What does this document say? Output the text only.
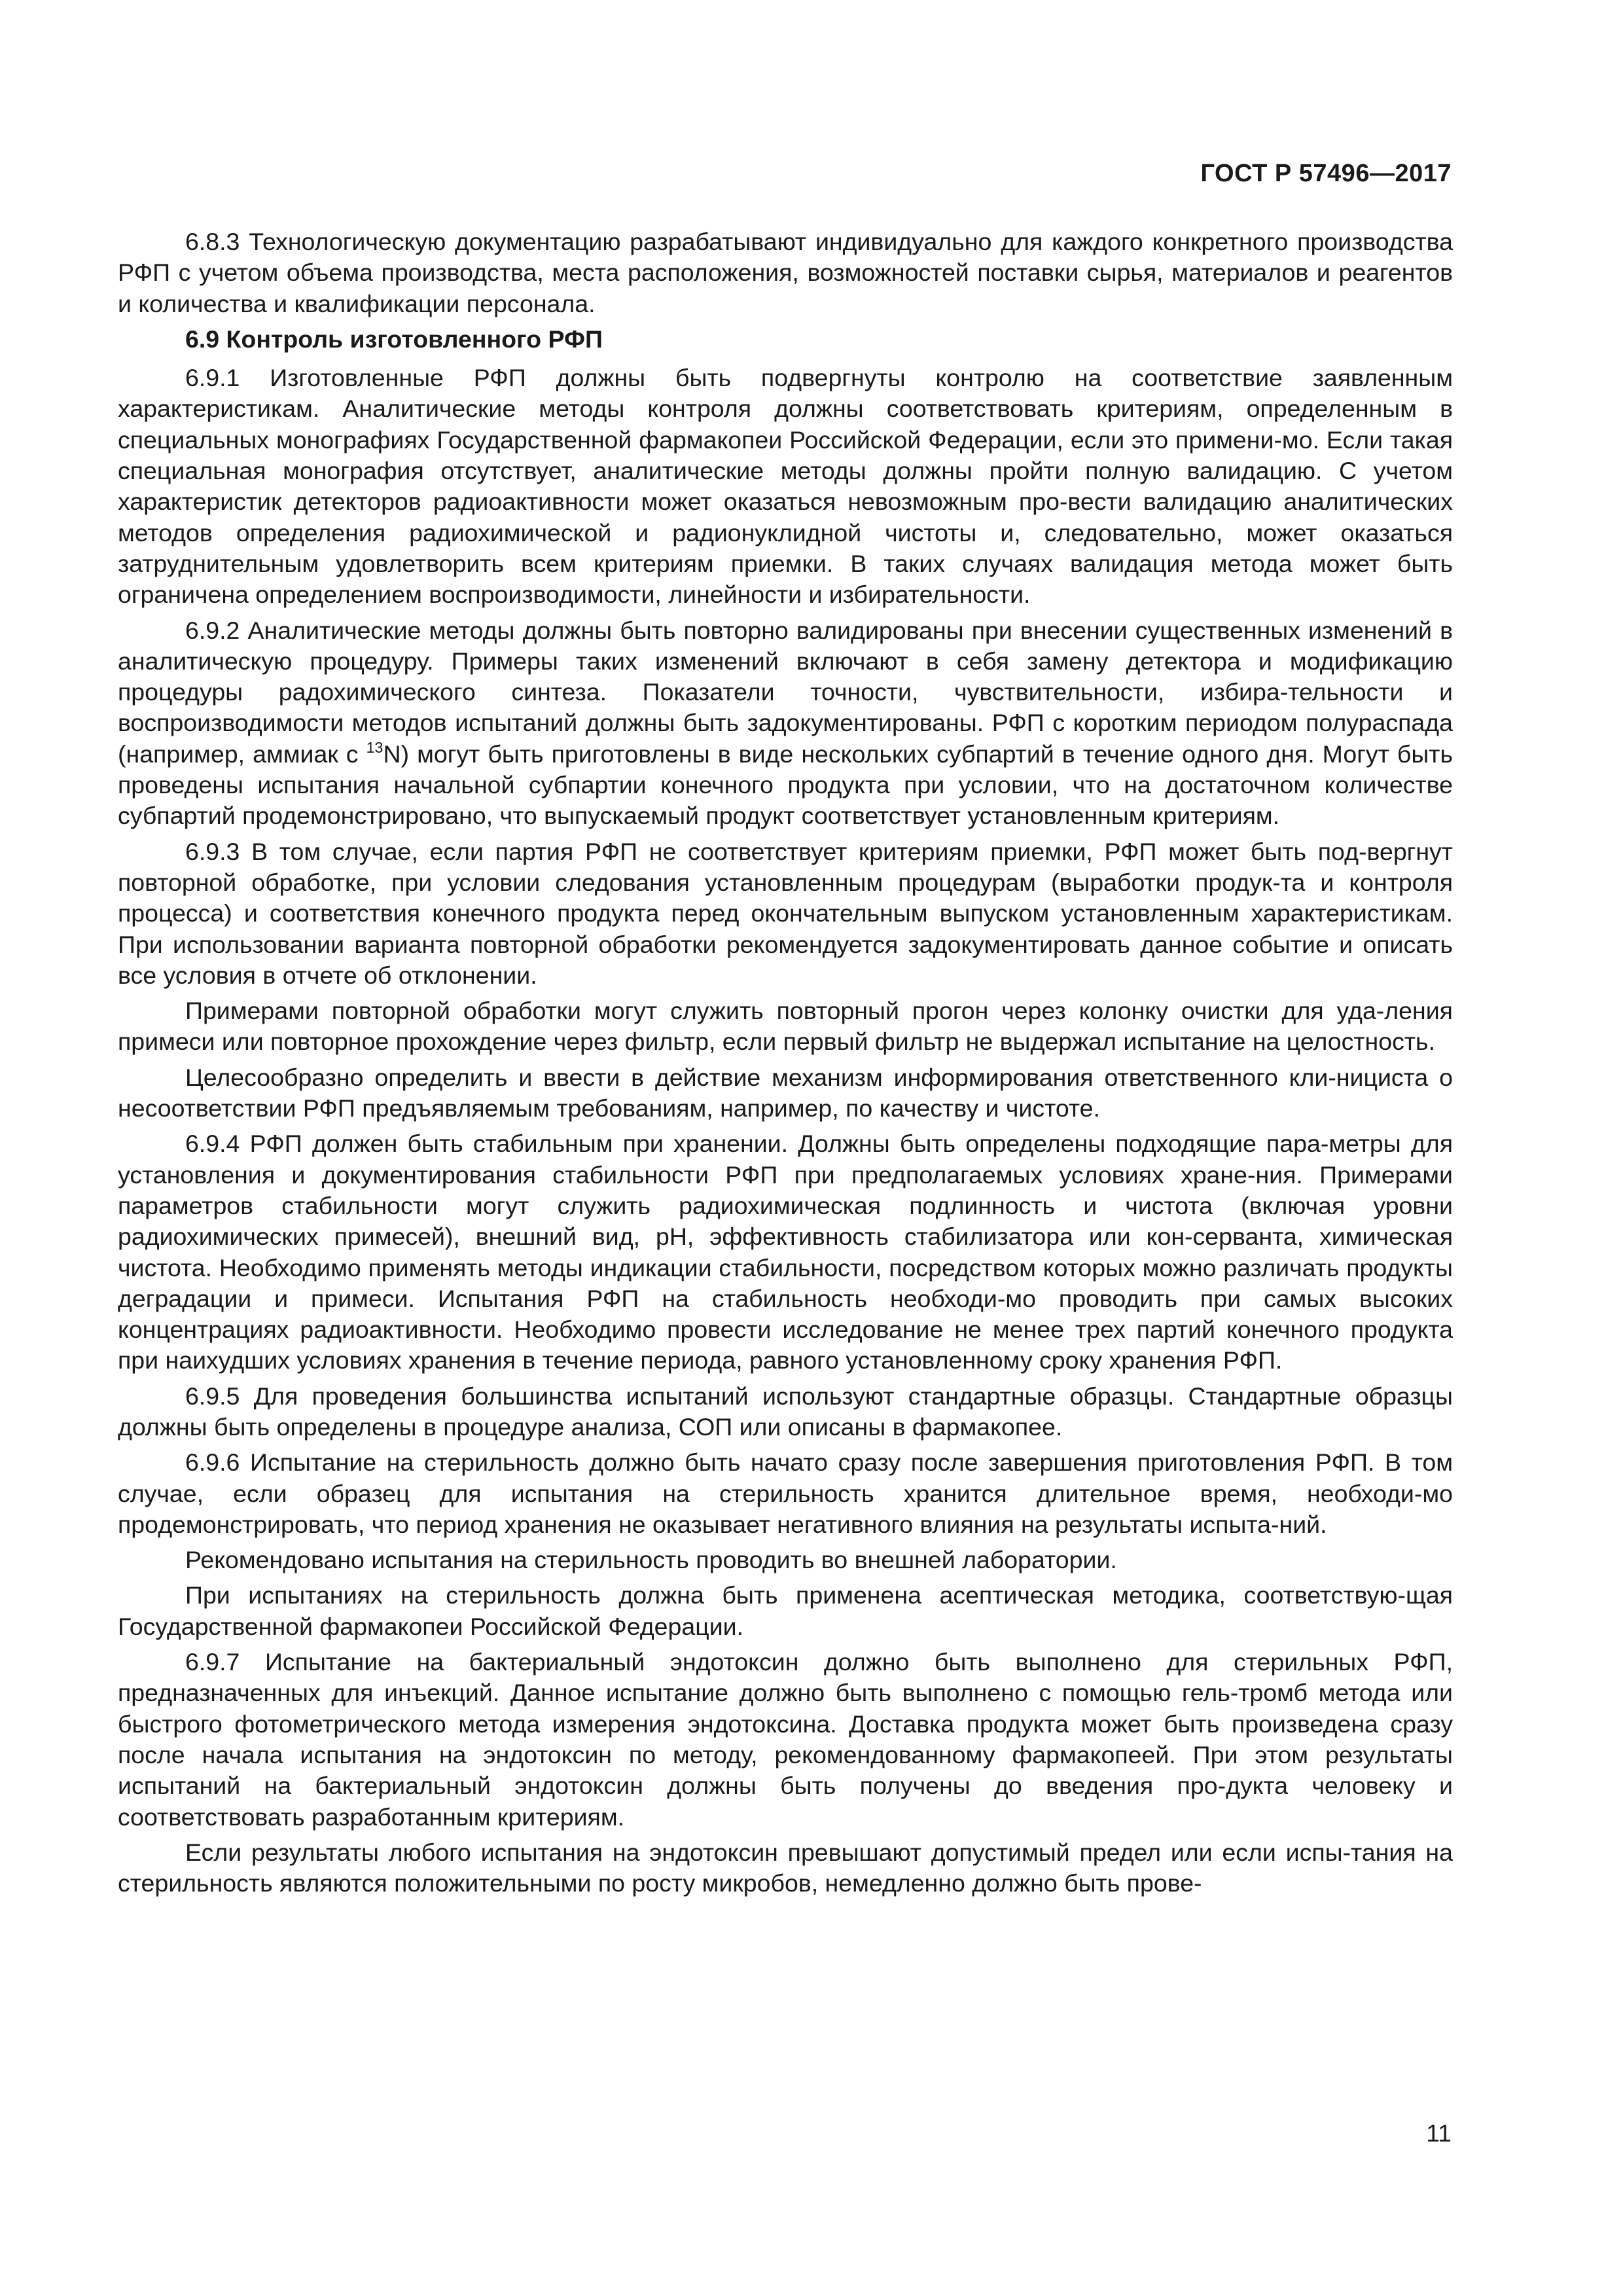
ГОСТ Р 57496—2017

6.8.3 Технологическую документацию разрабатывают индивидуально для каждого конкретного производства РФП с учетом объема производства, места расположения, возможностей поставки сырья, материалов и реагентов и количества и квалификации персонала.

6.9 Контроль изготовленного РФП

6.9.1 Изготовленные РФП должны быть подвергнуты контролю на соответствие заявленным характеристикам. Аналитические методы контроля должны соответствовать критериям, определенным в специальных монографиях Государственной фармакопеи Российской Федерации, если это примени-мо. Если такая специальная монография отсутствует, аналитические методы должны пройти полную валидацию. С учетом характеристик детекторов радиоактивности может оказаться невозможным про-вести валидацию аналитических методов определения радиохимической и радионуклидной чистоты и, следовательно, может оказаться затруднительным удовлетворить всем критериям приемки. В таких случаях валидация метода может быть ограничена определением воспроизводимости, линейности и избирательности.

6.9.2 Аналитические методы должны быть повторно валидированы при внесении существенных изменений в аналитическую процедуру. Примеры таких изменений включают в себя замену детектора и модификацию процедуры радохимического синтеза. Показатели точности, чувствительности, избира-тельности и воспроизводимости методов испытаний должны быть задокументированы. РФП с коротким периодом полураспада (например, аммиак с $^{13}$N) могут быть приготовлены в виде нескольких субпартий в течение одного дня. Могут быть проведены испытания начальной субпартии конечного продукта при условии, что на достаточном количестве субпартий продемонстрировано, что выпускаемый продукт соответствует установленным критериям.

6.9.3 В том случае, если партия РФП не соответствует критериям приемки, РФП может быть под-вергнут повторной обработке, при условии следования установленным процедурам (выработки продук-та и контроля процесса) и соответствия конечного продукта перед окончательным выпуском установленным характеристикам. При использовании варианта повторной обработки рекомендуется задокументировать данное событие и описать все условия в отчете об отклонении.

Примерами повторной обработки могут служить повторный прогон через колонку очистки для уда-ления примеси или повторное прохождение через фильтр, если первый фильтр не выдержал испытание на целостность.

Целесообразно определить и ввести в действие механизм информирования ответственного кли-нициста о несоответствии РФП предъявляемым требованиям, например, по качеству и чистоте.

6.9.4 РФП должен быть стабильным при хранении. Должны быть определены подходящие пара-метры для установления и документирования стабильности РФП при предполагаемых условиях хране-ния. Примерами параметров стабильности могут служить радиохимическая подлинность и чистота (включая уровни радиохимических примесей), внешний вид, pH, эффективность стабилизатора или кон-серванта, химическая чистота. Необходимо применять методы индикации стабильности, посредством которых можно различать продукты деградации и примеси. Испытания РФП на стабильность необходи-мо проводить при самых высоких концентрациях радиоактивности. Необходимо провести исследование не менее трех партий конечного продукта при наихудших условиях хранения в течение периода, равного установленному сроку хранения РФП.

6.9.5 Для проведения большинства испытаний используют стандартные образцы. Стандартные образцы должны быть определены в процедуре анализа, СОП или описаны в фармакопее.

6.9.6 Испытание на стерильность должно быть начато сразу после завершения приготовления РФП. В том случае, если образец для испытания на стерильность хранится длительное время, необходи-мо продемонстрировать, что период хранения не оказывает негативного влияния на результаты испыта-ний.

Рекомендовано испытания на стерильность проводить во внешней лаборатории.

При испытаниях на стерильность должна быть применена асептическая методика, соответствую-щая Государственной фармакопеи Российской Федерации.

6.9.7 Испытание на бактериальный эндотоксин должно быть выполнено для стерильных РФП, предназначенных для инъекций. Данное испытание должно быть выполнено с помощью гель-тромб метода или быстрого фотометрического метода измерения эндотоксина. Доставка продукта может быть произведена сразу после начала испытания на эндотоксин по методу, рекомендованному фармакопеей. При этом результаты испытаний на бактериальный эндотоксин должны быть получены до введения про-дукта человеку и соответствовать разработанным критериям.

Если результаты любого испытания на эндотоксин превышают допустимый предел или если испы-тания на стерильность являются положительными по росту микробов, немедленно должно быть прове-

11
